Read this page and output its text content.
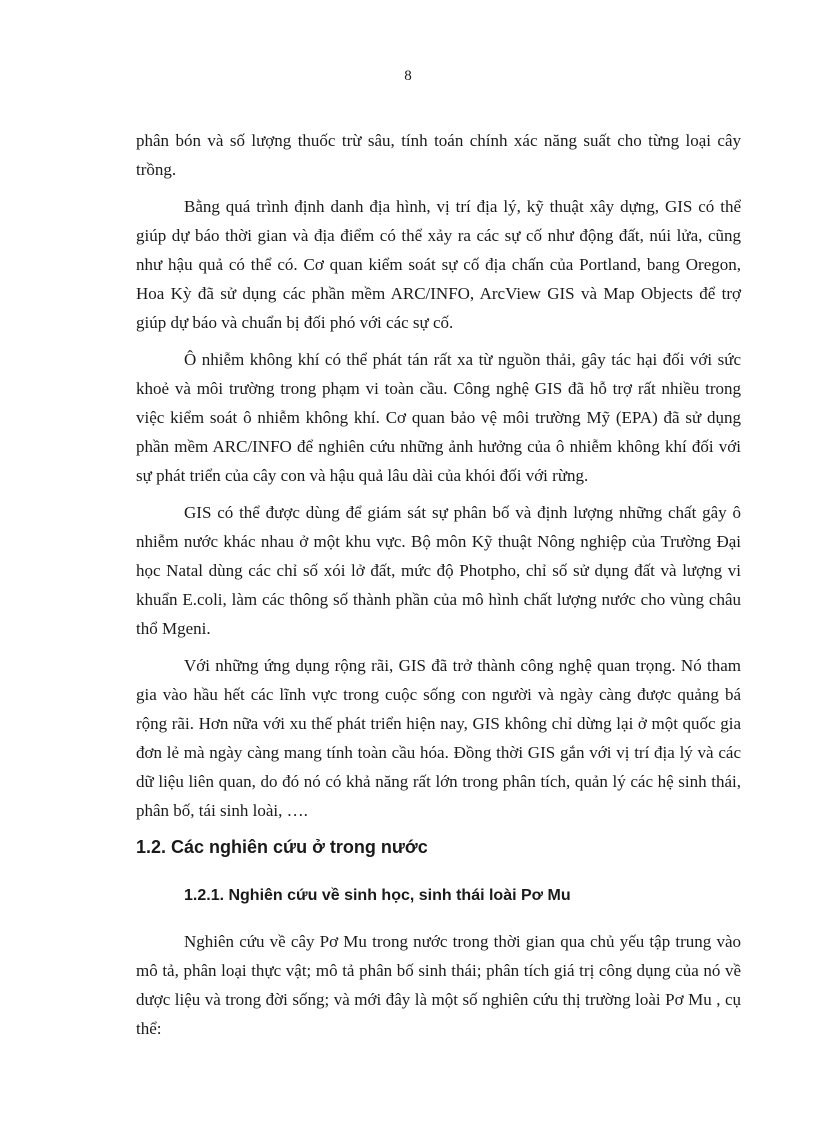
8

phân bón và số lượng thuốc trừ sâu, tính toán chính xác năng suất cho từng loại cây trồng.

Bằng quá trình định danh địa hình, vị trí địa lý, kỹ thuật xây dựng, GIS có thể giúp dự báo thời gian và địa điểm có thể xảy ra các sự cố như động đất, núi lửa, cũng như hậu quả có thể có. Cơ quan kiểm soát sự cố địa chấn của Portland, bang Oregon, Hoa Kỳ đã sử dụng các phần mềm ARC/INFO, ArcView GIS và Map Objects để trợ giúp dự báo và chuẩn bị đối phó với các sự cố.

Ô nhiễm không khí có thể phát tán rất xa từ nguồn thải, gây tác hại đối với sức khoẻ và môi trường trong phạm vi toàn cầu. Công nghệ GIS đã hỗ trợ rất nhiều trong việc kiểm soát ô nhiễm không khí. Cơ quan bảo vệ môi trường Mỹ (EPA) đã sử dụng phần mềm ARC/INFO để nghiên cứu những ảnh hưởng của ô nhiễm không khí đối với sự phát triển của cây con và hậu quả lâu dài của khói đối với rừng.

GIS có thể được dùng để giám sát sự phân bố và định lượng những chất gây ô nhiễm nước khác nhau ở một khu vực. Bộ môn Kỹ thuật Nông nghiệp của Trường Đại học Natal dùng các chỉ số xói lở đất, mức độ Photpho, chỉ số sử dụng đất và lượng vi khuẩn E.coli, làm các thông số thành phần của mô hình chất lượng nước cho vùng châu thổ Mgeni.

Với những ứng dụng rộng rãi, GIS đã trở thành công nghệ quan trọng. Nó tham gia vào hầu hết các lĩnh vực trong cuộc sống con người và ngày càng được quảng bá rộng rãi. Hơn nữa với xu thế phát triển hiện nay, GIS không chỉ dừng lại ở một quốc gia đơn lẻ mà ngày càng mang tính toàn cầu hóa. Đồng thời GIS gắn với vị trí địa lý và các dữ liệu liên quan, do đó nó có khả năng rất lớn trong phân tích, quản lý các hệ sinh thái, phân bố, tái sinh loài, ….

1.2. Các nghiên cứu ở trong nước
1.2.1. Nghiên cứu về sinh học, sinh thái loài Pơ Mu

Nghiên cứu về cây Pơ Mu trong nước trong thời gian qua chủ yếu tập trung vào mô tả, phân loại thực vật; mô tả phân bố sinh thái; phân tích giá trị công dụng của nó về dược liệu và trong đời sống; và mới đây là một số nghiên cứu thị trường loài Pơ Mu , cụ thể:
